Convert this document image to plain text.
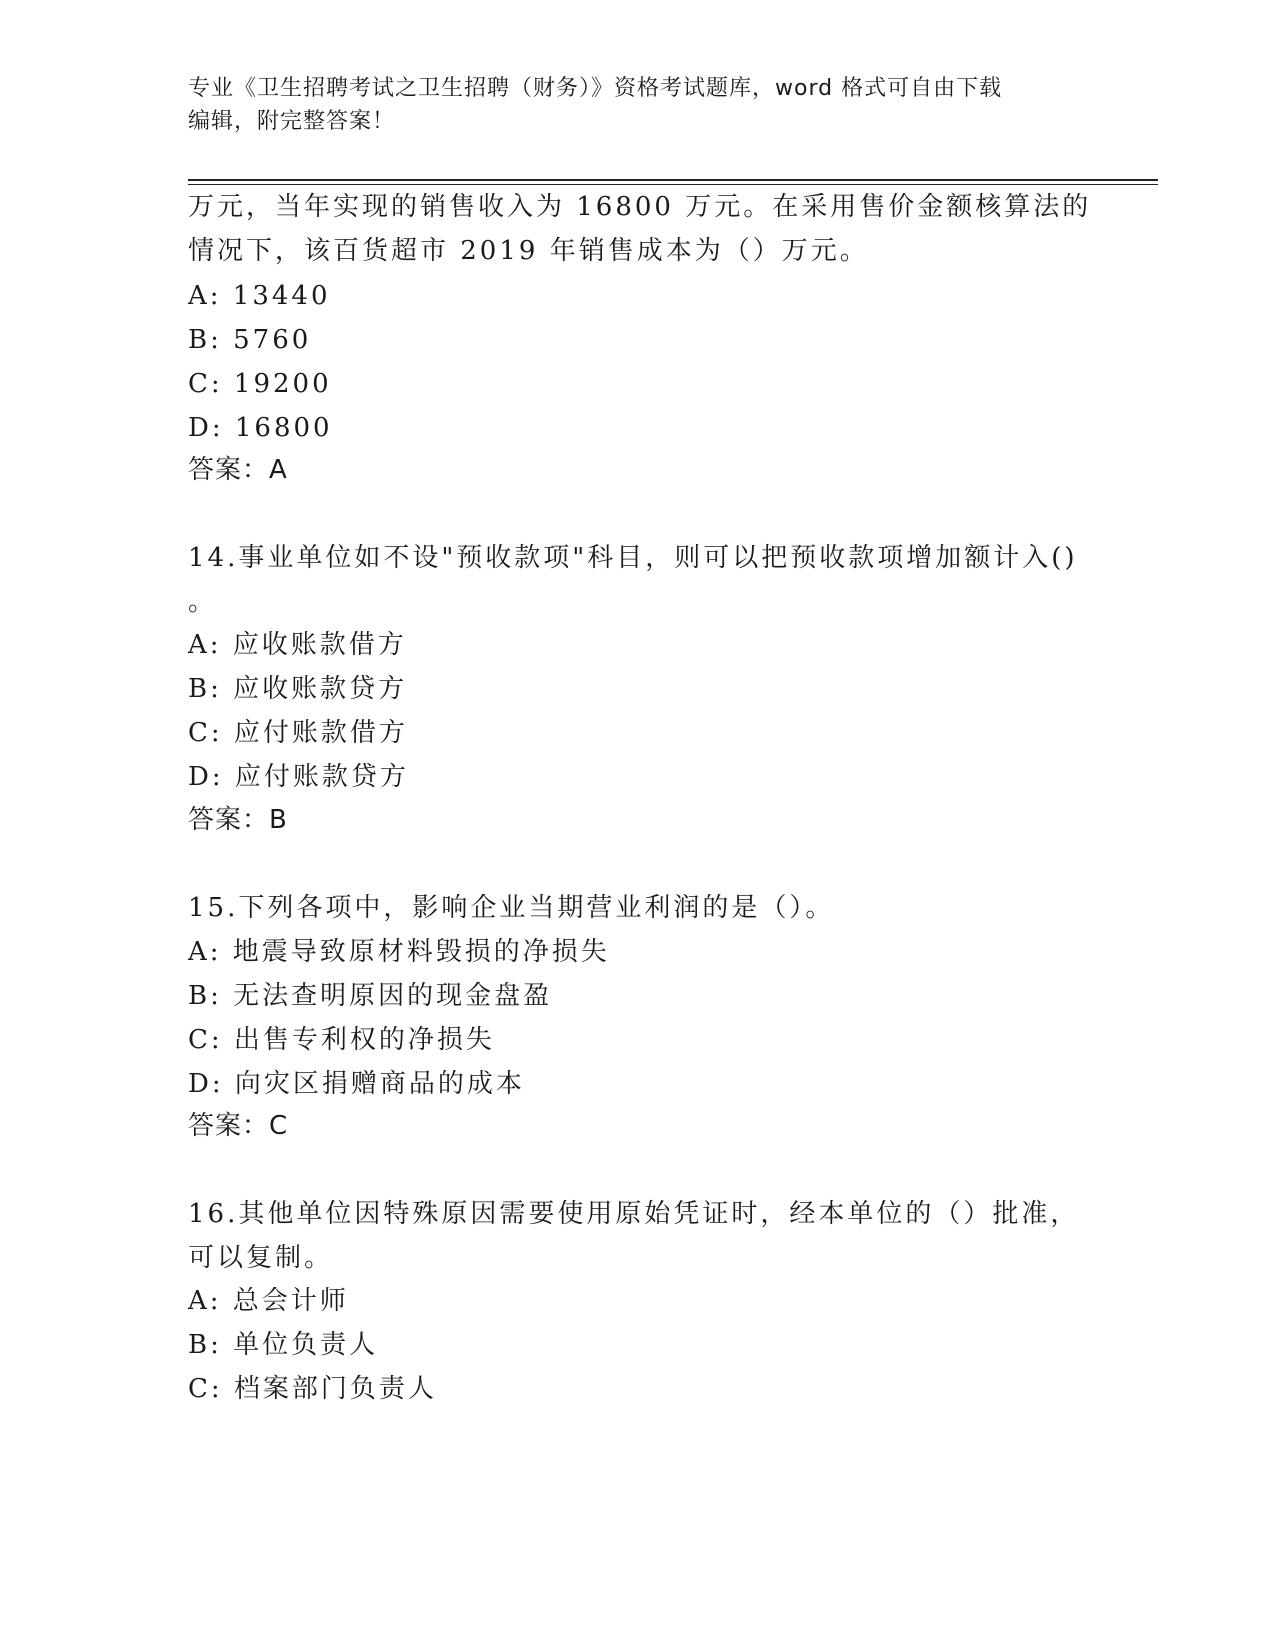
专业《卫生招聘考试之卫生招聘（财务）》资格考试题库，word 格式可自由下载
编辑，附完整答案！
万元，当年实现的销售收入为 16800 万元。在采用售价金额核算法的
情况下，该百货超市 2019 年销售成本为（）万元。
A: 13440
B: 5760
C: 19200
D: 16800
答案：A
14.事业单位如不设"预收款项"科目，则可以把预收款项增加额计入()
。
A: 应收账款借方
B: 应收账款贷方
C: 应付账款借方
D: 应付账款贷方
答案：B
15.下列各项中，影响企业当期营业利润的是（）。
A: 地震导致原材料毁损的净损失
B: 无法查明原因的现金盘盈
C: 出售专利权的净损失
D: 向灾区捐赠商品的成本
答案：C
16.其他单位因特殊原因需要使用原始凭证时，经本单位的（）批准，
可以复制。
A: 总会计师
B: 单位负责人
C: 档案部门负责人
